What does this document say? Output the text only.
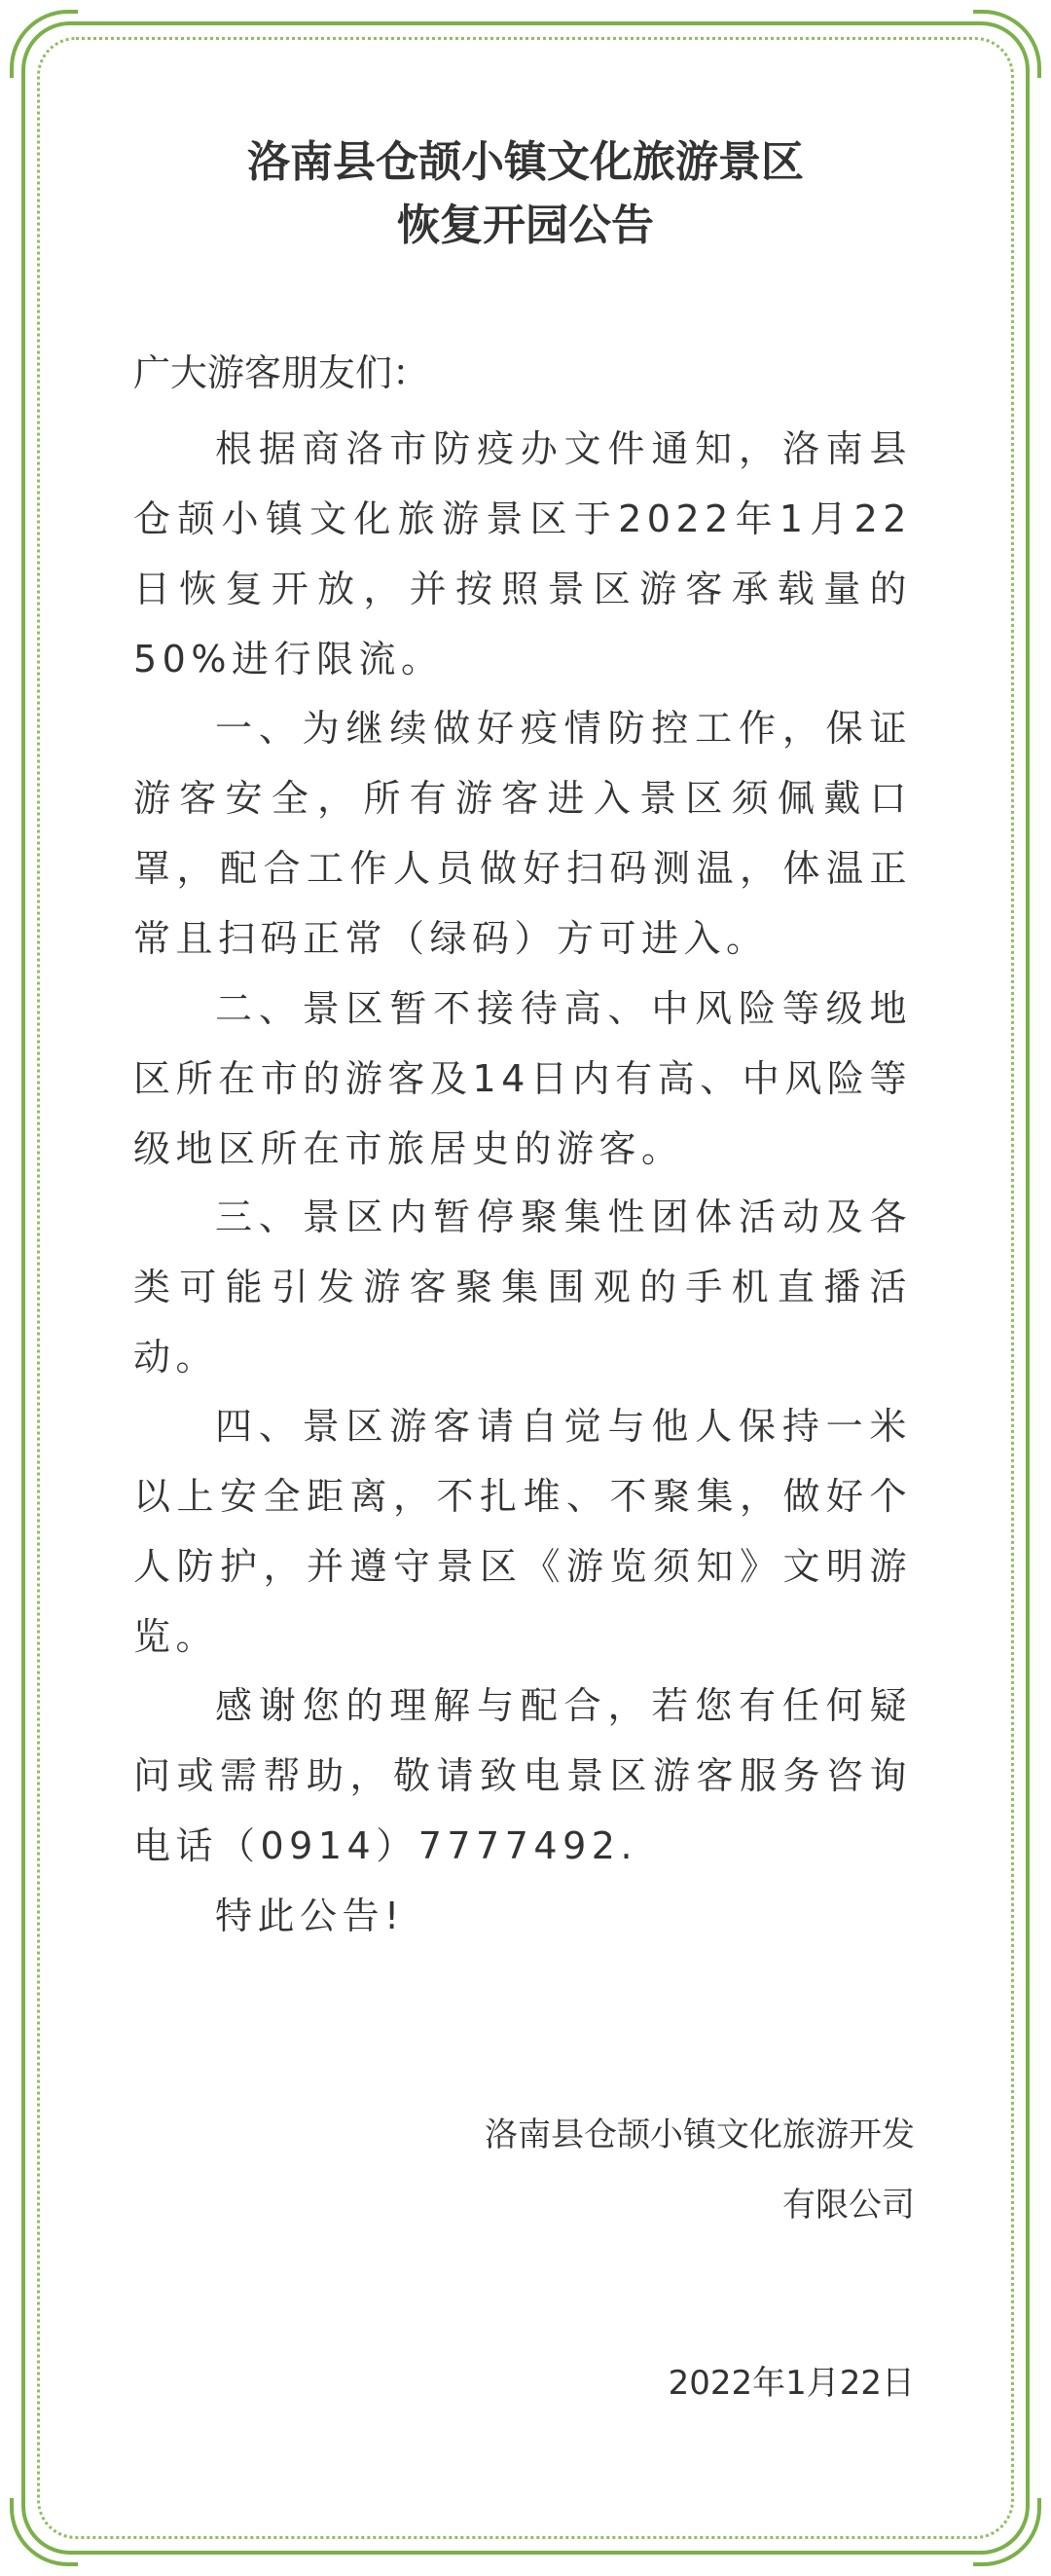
洛南县仓颉小镇文化旅游景区
恢复开园公告

广大游客朋友们：

根据商洛市防疫办文件通知，洛南县仓颉小镇文化旅游景区于2022年1月22日恢复开放，并按照景区游客承载量的50%进行限流。

一、为继续做好疫情防控工作，保证游客安全，所有游客进入景区须佩戴口罩，配合工作人员做好扫码测温，体温正常且扫码正常（绿码）方可进入。

二、景区暂不接待高、中风险等级地区所在市的游客及14日内有高、中风险等级地区所在市旅居史的游客。

三、景区内暂停聚集性团体活动及各类可能引发游客聚集围观的手机直播活动。

四、景区游客请自觉与他人保持一米以上安全距离，不扎堆、不聚集，做好个人防护，并遵守景区《游览须知》文明游览。

感谢您的理解与配合，若您有任何疑问或需帮助，敬请致电景区游客服务咨询电话（0914）7777492.

特此公告!

洛南县仓颉小镇文化旅游开发

有限公司

2022年1月22日
